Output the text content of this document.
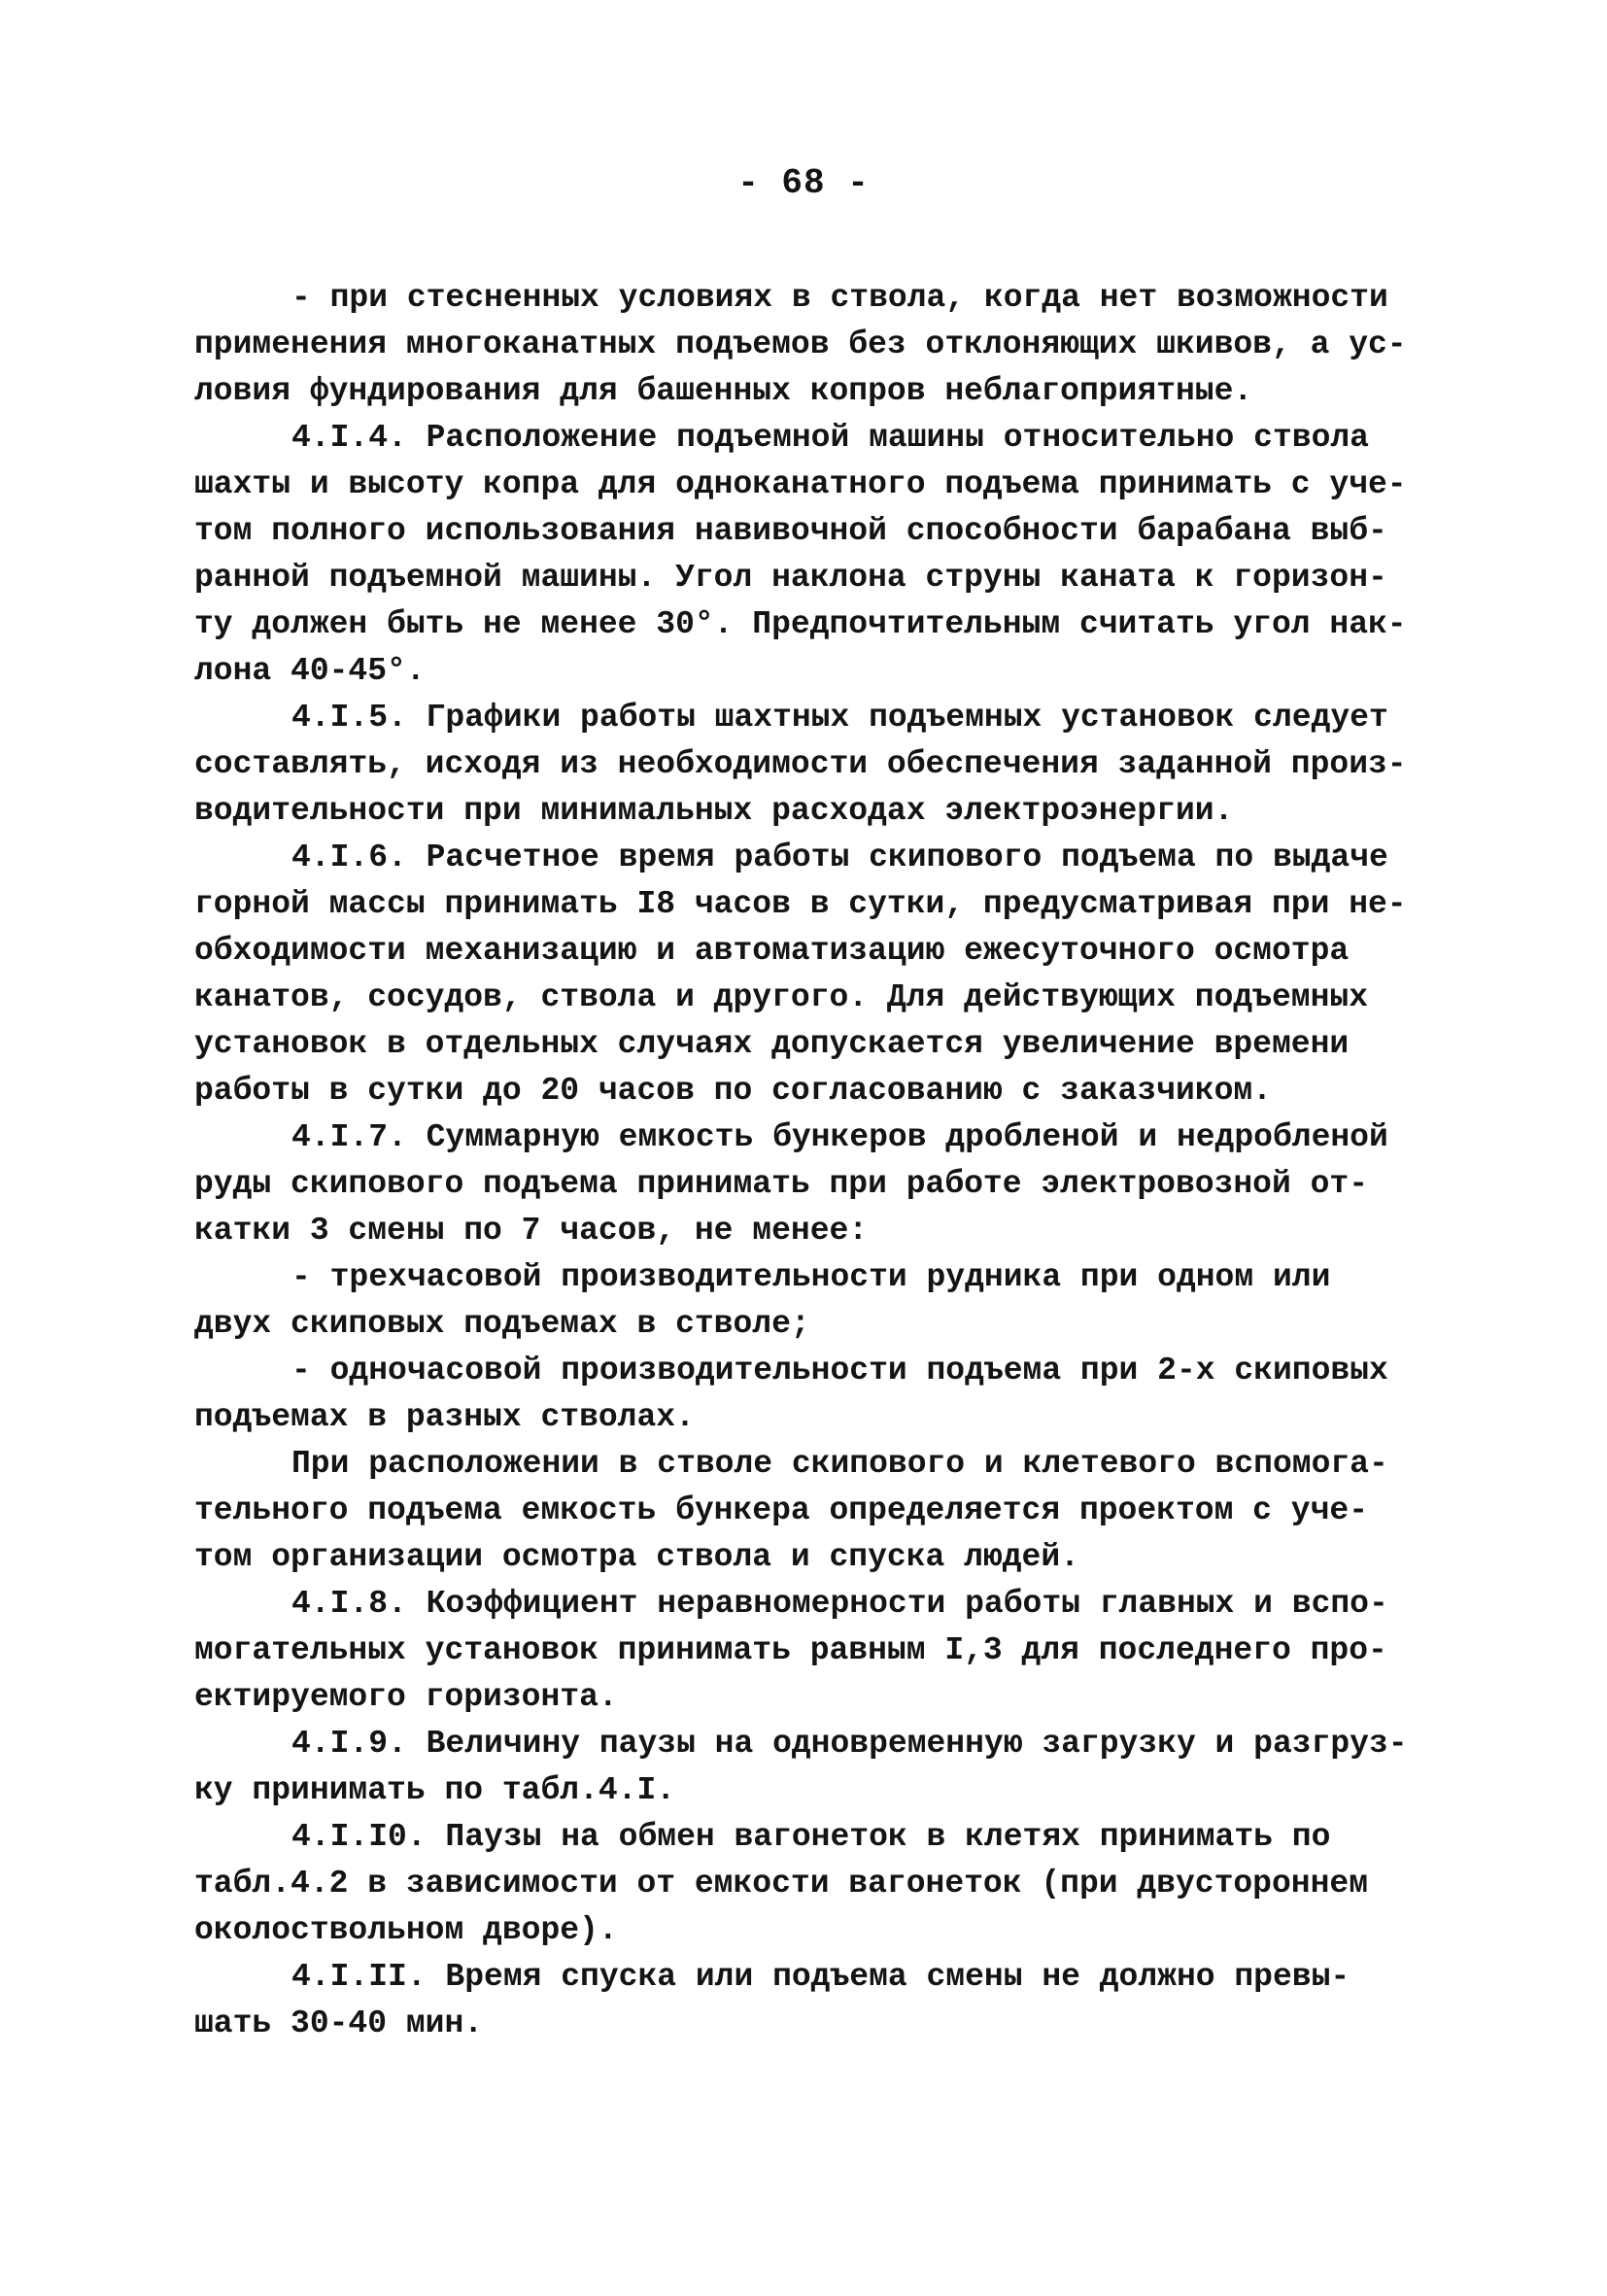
- 68 -
- при стесненных условиях в ствола, когда нет возможности
применения многоканатных подъемов без отклоняющих шкивов, а ус-
ловия фундирования для башенных копров неблагоприятные.
4.I.4. Расположение подъемной машины относительно ствола
шахты и высоту копра для одноканатного подъема принимать с уче-
том полного использования навивочной способности барабана выб-
ранной подъемной машины. Угол наклона струны каната к горизон-
ту должен быть не менее 30°. Предпочтительным считать угол нак-
лона 40-45°.
4.I.5. Графики работы шахтных подъемных установок следует
составлять, исходя из необходимости обеспечения заданной произ-
водительности при минимальных расходах электроэнергии.
4.I.6. Расчетное время работы скипового подъема по выдаче
горной массы принимать I8 часов в сутки, предусматривая при не-
обходимости механизацию и автоматизацию ежесуточного осмотра
канатов, сосудов, ствола и другого. Для действующих подъемных
установок в отдельных случаях допускается увеличение времени
работы в сутки до 20 часов по согласованию с заказчиком.
4.I.7. Суммарную емкость бункеров дробленой и недробленой
руды скипового подъема принимать при работе электровозной от-
катки 3 смены по 7 часов, не менее:
- трехчасовой производительности рудника при одном или
двух скиповых подъемах в стволе;
- одночасовой производительности подъема при 2-х скиповых
подъемах в разных стволах.
При расположении в стволе скипового и клетевого вспомога-
тельного подъема емкость бункера определяется проектом с уче-
том организации осмотра ствола и спуска людей.
4.I.8. Коэффициент неравномерности работы главных и вспо-
могательных установок принимать равным I,3 для последнего про-
ектируемого горизонта.
4.I.9. Величину паузы на одновременную загрузку и разгруз-
ку принимать по табл.4.I.
4.I.I0. Паузы на обмен вагонеток в клетях принимать по
табл.4.2 в зависимости от емкости вагонеток (при двустороннем
околоствольном дворе).
4.I.II. Время спуска или подъема смены не должно превы-
шать 30-40 мин.
